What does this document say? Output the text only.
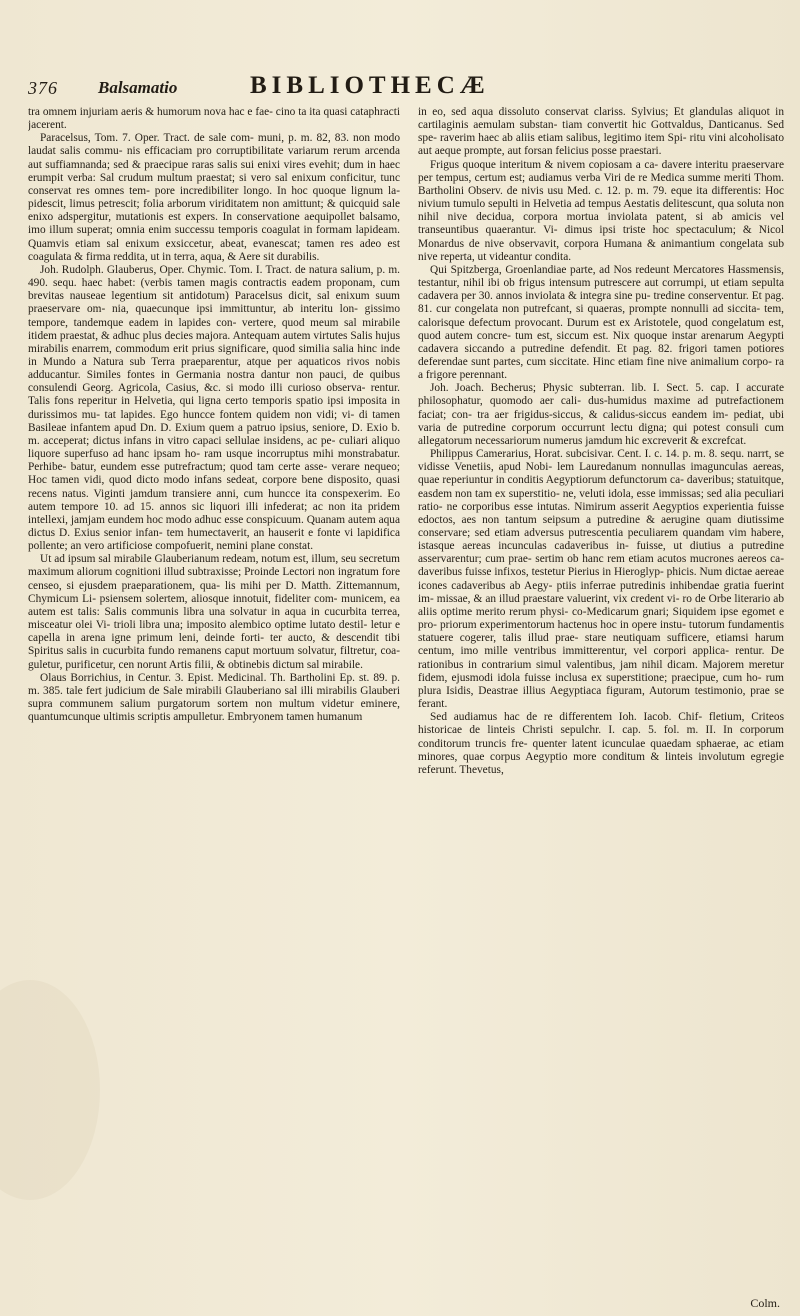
376 Balsamatio	BIBLIOTHECÆ

tra omnem injuriam aeris & humorum nova hac e fae- cino ta ita quasi cataphracti jacerent.

Paracelsus, Tom. 7. Oper. Tract. de sale com- muni, p. m. 82, 83. non modo laudat salis commu- nis efficaciam pro corruptibilitate variarum rerum arcenda aut suffiamnanda; sed & praecipue raras salis sui enixi vires evehit; dum in haec erumpit verba: Sal crudum multum praestat; si vero sal enixum conficitur, tunc conservat res omnes tem- pore incredibiliter longo. In hoc quoque lignum la- pidescit, limus petrescit; folia arborum viriditatem non amittunt; & quicquid sale enixo adspergitur, mutationis est expers. In conservatione aequipollet balsamo, imo illum superat; omnia enim successu temporis coagulat in formam lapideam. Quamvis etiam sal enixum exsiccetur, abeat, evanescat; tamen res adeo est coagulata & firma reddita, ut in terra, aqua, & Aere sit durabilis.

Joh. Rudolph. Glauberus, Oper. Chymic. Tom. I. Tract. de natura salium, p. m. 490. sequ. haec habet: (verbis tamen magis contractis eadem proponam, cum brevitas nauseae legentium sit antidotum) Paracelsus dicit, sal enixum suum praeservare om- nia, quaecunque ipsi immittuntur, ab interitu lon- gissimo tempore, tandemque eadem in lapides con- vertere, quod meum sal mirabile itidem praestat, & adhuc plus decies majora. Antequam autem virtutes Salis hujus mirabilis enarrem, commodum erit prius significare, quod similia salia hinc inde in Mundo a Natura sub Terra praeparentur, atque per aquaticos rivos nobis adducantur. Similes fontes in Germania nostra dantur non pauci, de quibus consulendi Georg. Agricola, Casius, &c. si modo illi curioso observa- rentur. Talis fons reperitur in Helvetia, qui ligna certo temporis spatio ipsi imposita in durissimos mu- tat lapides. Ego huncce fontem quidem non vidi; vi- di tamen Basileae infantem apud Dn. D. Exium quem a patruo ipsius, seniore, D. Exio b. m. acceperat; dictus infans in vitro capaci sellulae insidens, ac pe- culiari aliquo liquore superfuso ad hanc ipsam ho- ram usque incorruptus mihi monstrabatur. Perhibe- batur, eundem esse putrefractum; quod tam certe asse- verare nequeo; Hoc tamen vidi, quod dicto modo infans sedeat, corpore bene disposito, quasi recens natus. Viginti jamdum transiere anni, cum huncce ita conspexerim. Eo autem tempore 10. ad 15. annos sic liquori illi infederat; ac non ita pridem intellexi, jamjam eundem hoc modo adhuc esse conspicuum. Quanam autem aqua dictus D. Exius senior infan- tem humectaverit, an hauserit e fonte vi lapidifica pollente; an vero artificiose compofuerit, nemini plane constat.

Ut ad ipsum sal mirabile Glauberianum redeam, notum est, illum, seu secretum maximum aliorum cognitioni illud subtraxisse; Proinde Lectori non ingratum fore censeo, si ejusdem praeparationem, qua- lis mihi per D. Matth. Zittemannum, Chymicum Li- psiensem solertem, aliosque innotuit, fideliter com- municem, ea autem est talis: Salis communis libra una solvatur in aqua in cucurbita terrea, misceatur olei Vi- trioli libra una; imposito alembico optime lutato destil- letur e capella in arena igne primum leni, deinde forti- ter aucto, & descendit tibi Spiritus salis in cucurbita fundo remanens caput mortuum solvatur, filtretur, coa- guletur, purificetur, cen norunt Artis filii, & obtinebis dictum sal mirabile.

Olaus Borrichius, in Centur. 3. Epist. Medicinal. Th. Bartholini Ep. st. 89. p. m. 385. tale fert judicium de Sale mirabili Glauberiano sal illi mirabilis Glauberi supra communem salium purgatorum sortem non multum videtur eminere, quantumcunque ultimis scriptis ampulletur. Embryonem tamen humanum

in eo, sed aqua dissoluto conservat clariss. Sylvius; Et glandulas aliquot in cartilaginis aemulam substan- tiam convertit hic Gottvaldus, Danticanus. Sed spe- raverim haec ab aliis etiam salibus, legitimo item Spi- ritu vini alcoholisato aut aeque prompte, aut forsan felicius posse praestari.

Frigus quoque interitum & nivem copiosam a ca- davere interitu praeservare per tempus, certum est; audiamus verba Viri de re Medica summe meriti Thom. Bartholini Observ. de nivis usu Med. c. 12. p. m. 79. eque ita differentis: Hoc nivium tumulo sepulti in Helvetia ad tempus Aestatis delitescunt, qua soluta non nihil nive decidua, corpora mortua inviolata patent, si ab amicis vel transeuntibus quaerantur. Vi- dimus ipsi triste hoc spectaculum; & Nicol Monardus de nive observavit, corpora Humana & animantium congelata sub nive reperta, ut videantur condita.

Qui Spitzberga, Groenlandiae parte, ad Nos redeunt Mercatores Hassmensis, testantur, nihil ibi ob frigus intensum putrescere aut corrumpi, ut etiam sepulta cadavera per 30. annos inviolata & integra sine pu- tredine conserventur. Et pag. 81. cur congelata non putrefcant, si quaeras, prompte nonnulli ad siccita- tem, calorisque defectum provocant. Durum est ex Aristotele, quod congelatum est, quod autem concre- tum est, siccum est. Nix quoque instar arenarum Aegypti cadavera siccando a putredine defendit. Et pag. 82. frigori tamen potiores deferendae sunt partes, cum siccitate. Hinc etiam fine nive animalium corpo- ra a frigore perennant.

Joh. Joach. Becherus; Physic subterran. lib. I. Sect. 5. cap. I accurate philosophatur, quomodo aer cali- dus-humidus maxime ad putrefactionem faciat; con- tra aer frigidus-siccus, & calidus-siccus eandem im- pediat, ubi varia de putredine corporum occurrunt lectu digna; qui potest consuli cum allegatorum necessariorum numerus jamdum hic excreverit & excrefcat.

Philippus Camerarius, Horat. subcisivar. Cent. I. c. 14. p. m. 8. sequ. narrt, se vidisse Venetiis, apud Nobi- lem Lauredanum nonnullas imagunculas aereas, quae reperiuntur in conditis Aegyptiorum defunctorum ca- daveribus; statuitque, easdem non tam ex superstitio- ne, veluti idola, esse immissas; sed alia peculiari ratio- ne corporibus esse intutas. Nimirum asserit Aegyptios experientia fuisse edoctos, aes non tantum seipsum a putredine & aerugine quam diutissime conservare; sed etiam adversus putrescentia peculiarem quandam vim habere, istasque aereas incunculas cadaveribus in- fuisse, ut diutius a putredine asservarentur; cum prae- sertim ob hanc rem etiam acutos mucrones aereos ca- daveribus fuisse infixos, testetur Pierius in Hieroglyp- phicis. Num dictae aereae icones cadaveribus ab Aegy- ptiis inferrae putredinis inhibendae gratia fuerint im- missae, & an illud praestare valuerint, vix credent vi- ro de Orbe literario ab aliis optime merito rerum physi- co-Medicarum gnari; Siquidem ipse egomet e pro- priorum experimentorum hactenus hoc in opere instu- tutorum fundamentis statuere cogerer, talis illud prae- stare neutiquam sufficere, etiamsi harum centum, imo mille ventribus immitterentur, vel corpori applica- rentur. De rationibus in contrarium simul valentibus, jam nihil dicam. Majorem meretur fidem, ejusmodi idola fuisse inclusa ex superstitione; praecipue, cum ho- rum plura Isidis, Deastrae illius Aegyptiaca figuram, Autorum testimonio, prae se ferant.

Sed audiamus hac de re differentem Ioh. Iacob. Chif- fletium, Criteos historicae de linteis Christi sepulchr. I. cap. 5. fol. m. II. In corporum conditorum truncis fre- quenter latent icunculae quaedam sphaerae, ac etiam minores, quae corpus Aegyptio more conditum & linteis involutum egregie referunt. Thevetus,

Colm.
